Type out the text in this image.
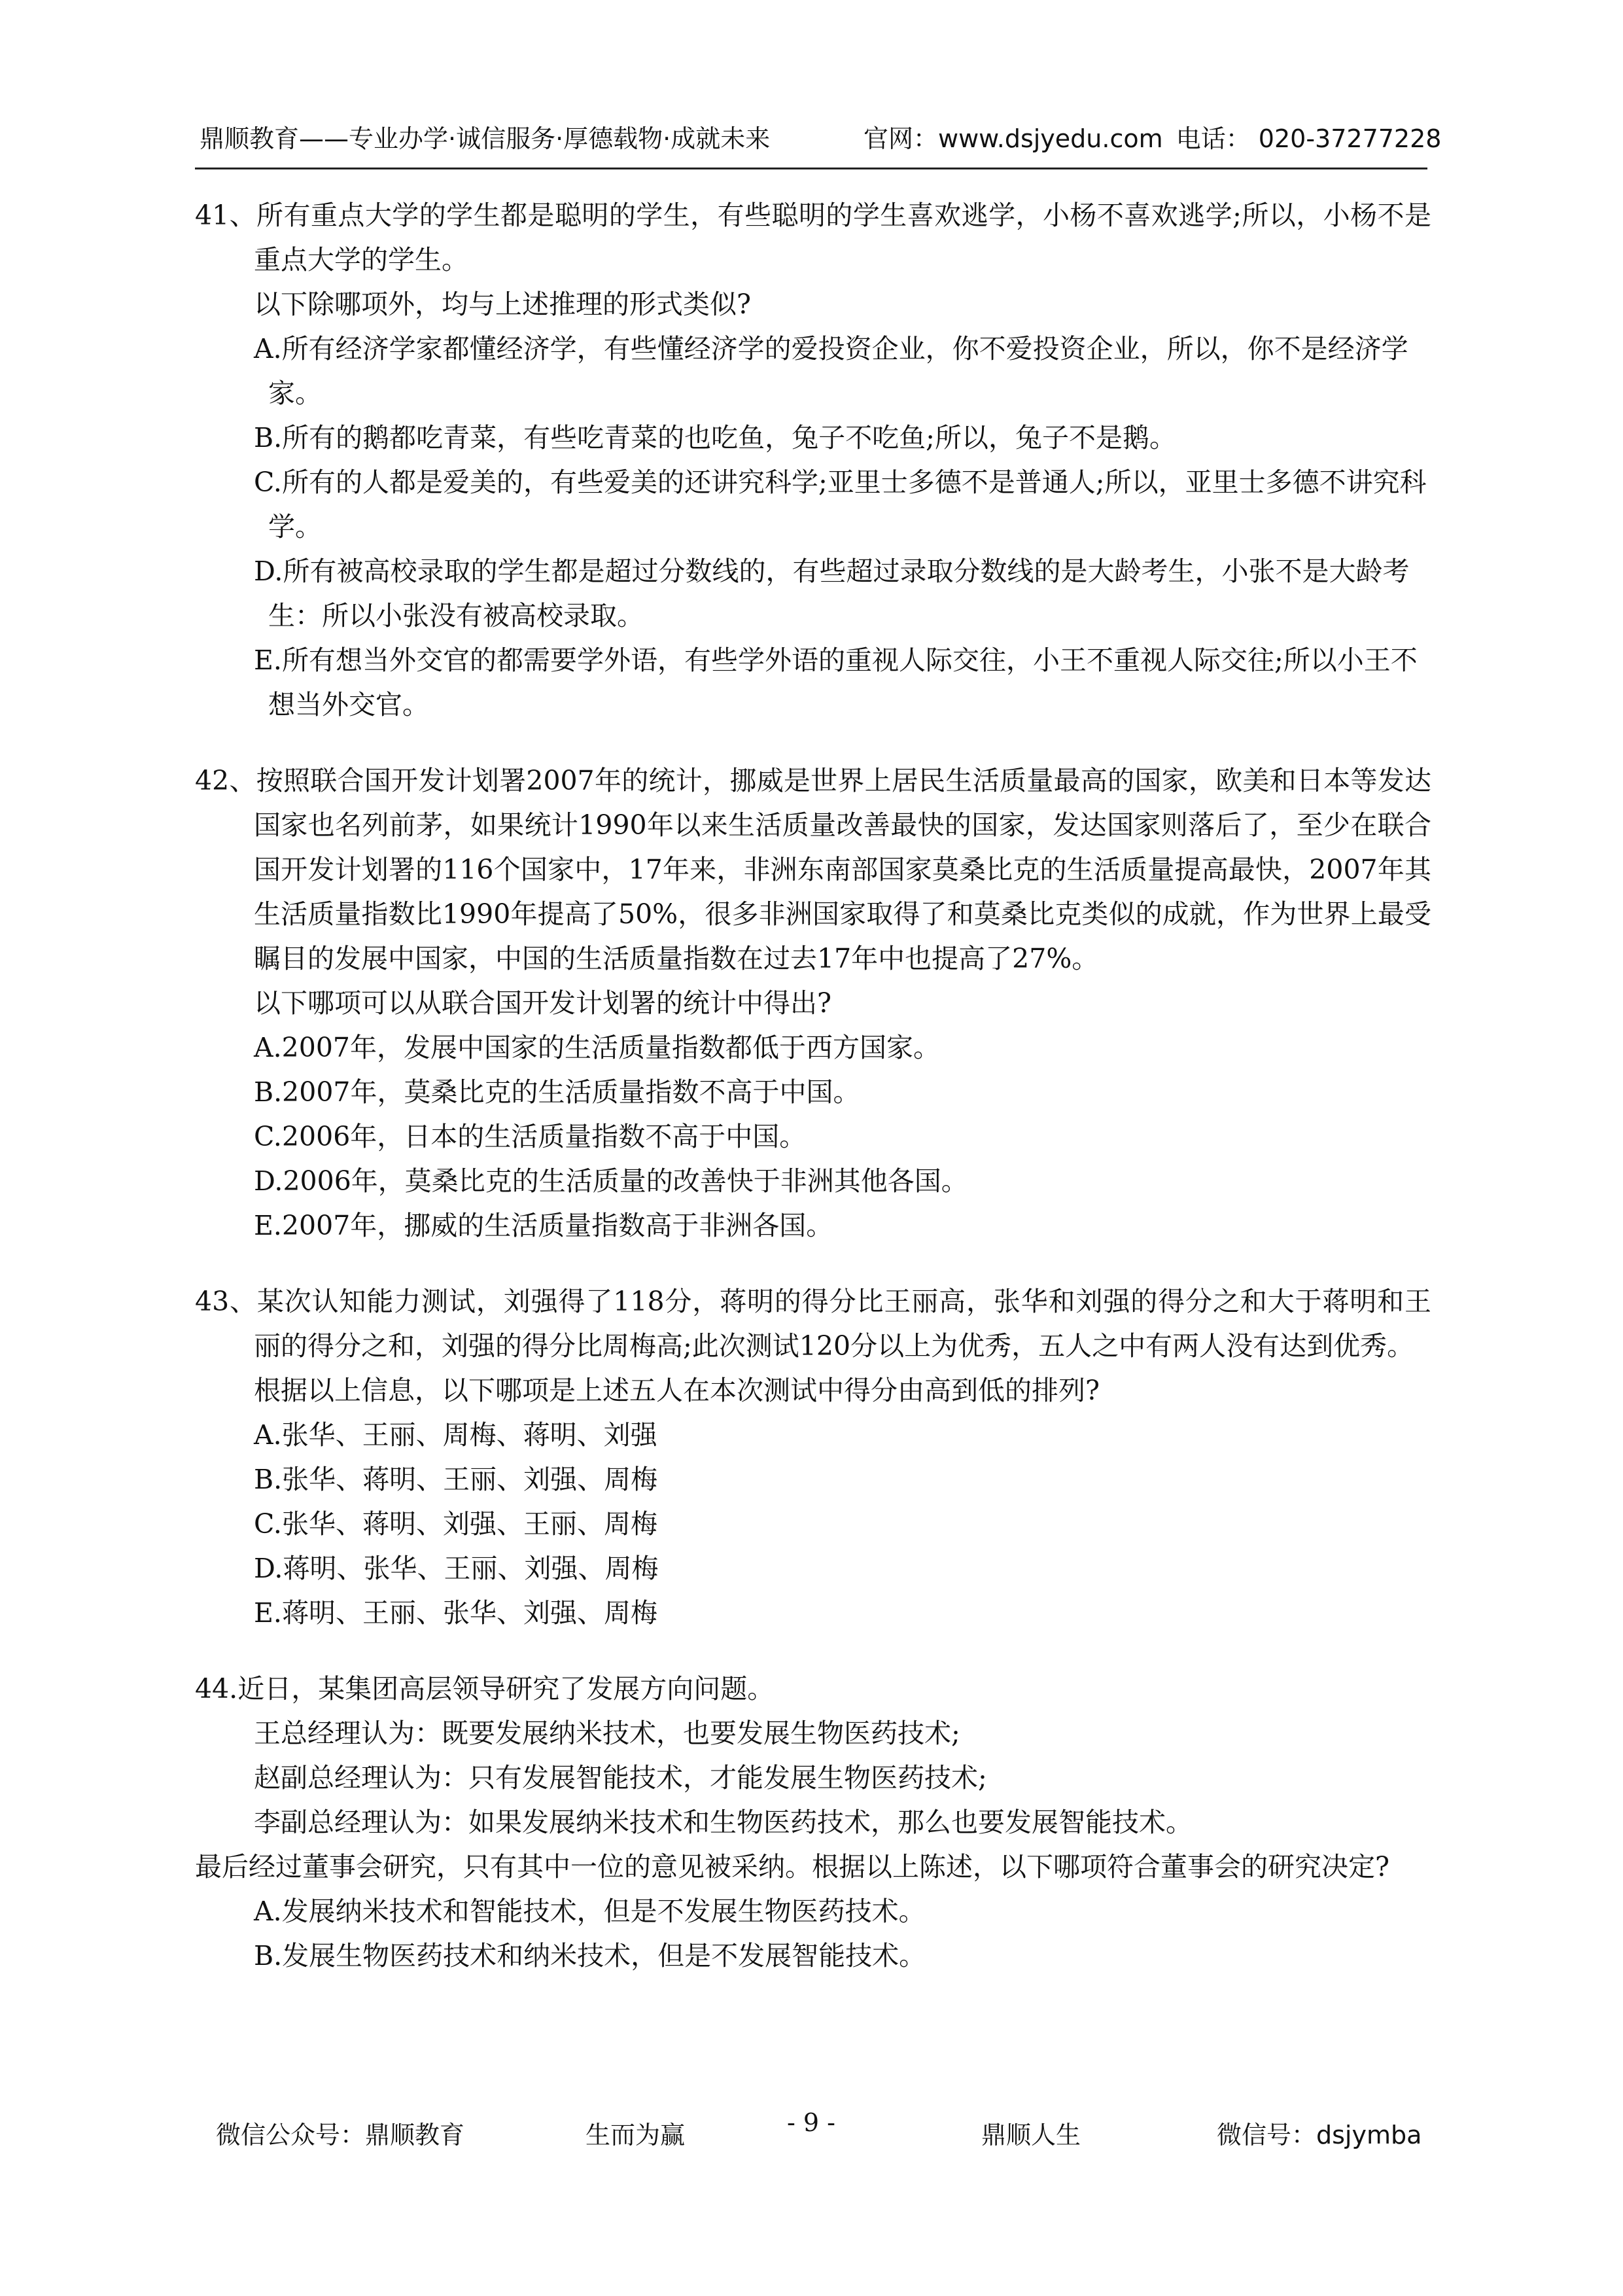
鼎顺教育——专业办学·诚信服务·厚德载物·成就未来	官网：www.dsjyedu.com 电话： 020-37277228
41、所有重点大学的学生都是聪明的学生，有些聪明的学生喜欢逃学，小杨不喜欢逃学;所以，小杨不是重点大学的学生。
以下除哪项外，均与上述推理的形式类似?
A.所有经济学家都懂经济学，有些懂经济学的爱投资企业，你不爱投资企业，所以，你不是经济学家。
B.所有的鹅都吃青菜，有些吃青菜的也吃鱼，兔子不吃鱼;所以，兔子不是鹅。
C.所有的人都是爱美的，有些爱美的还讲究科学;亚里士多德不是普通人;所以，亚里士多德不讲究科学。
D.所有被高校录取的学生都是超过分数线的，有些超过录取分数线的是大龄考生，小张不是大龄考生：所以小张没有被高校录取。
E.所有想当外交官的都需要学外语，有些学外语的重视人际交往，小王不重视人际交往;所以小王不想当外交官。
42、按照联合国开发计划署2007年的统计，挪威是世界上居民生活质量最高的国家，欧美和日本等发达国家也名列前茅，如果统计1990年以来生活质量改善最快的国家，发达国家则落后了，至少在联合国开发计划署的116个国家中，17年来，非洲东南部国家莫桑比克的生活质量提高最快，2007年其生活质量指数比1990年提高了50%，很多非洲国家取得了和莫桑比克类似的成就，作为世界上最受瞩目的发展中国家，中国的生活质量指数在过去17年中也提高了27%。
以下哪项可以从联合国开发计划署的统计中得出?
A.2007年，发展中国家的生活质量指数都低于西方国家。
B.2007年，莫桑比克的生活质量指数不高于中国。
C.2006年，日本的生活质量指数不高于中国。
D.2006年，莫桑比克的生活质量的改善快于非洲其他各国。
E.2007年，挪威的生活质量指数高于非洲各国。
43、某次认知能力测试，刘强得了118分，蒋明的得分比王丽高，张华和刘强的得分之和大于蒋明和王丽的得分之和，刘强的得分比周梅高;此次测试120分以上为优秀，五人之中有两人没有达到优秀。
根据以上信息，以下哪项是上述五人在本次测试中得分由高到低的排列?
A.张华、王丽、周梅、蒋明、刘强
B.张华、蒋明、王丽、刘强、周梅
C.张华、蒋明、刘强、王丽、周梅
D.蒋明、张华、王丽、刘强、周梅
E.蒋明、王丽、张华、刘强、周梅
44.近日，某集团高层领导研究了发展方向问题。
王总经理认为：既要发展纳米技术，也要发展生物医药技术;
赵副总经理认为：只有发展智能技术，才能发展生物医药技术;
李副总经理认为：如果发展纳米技术和生物医药技术，那么也要发展智能技术。
最后经过董事会研究，只有其中一位的意见被采纳。根据以上陈述，以下哪项符合董事会的研究决定?
A.发展纳米技术和智能技术，但是不发展生物医药技术。
B.发展生物医药技术和纳米技术，但是不发展智能技术。
微信公众号：鼎顺教育	生而为赢	- 9 -	鼎顺人生	微信号：dsjymba
